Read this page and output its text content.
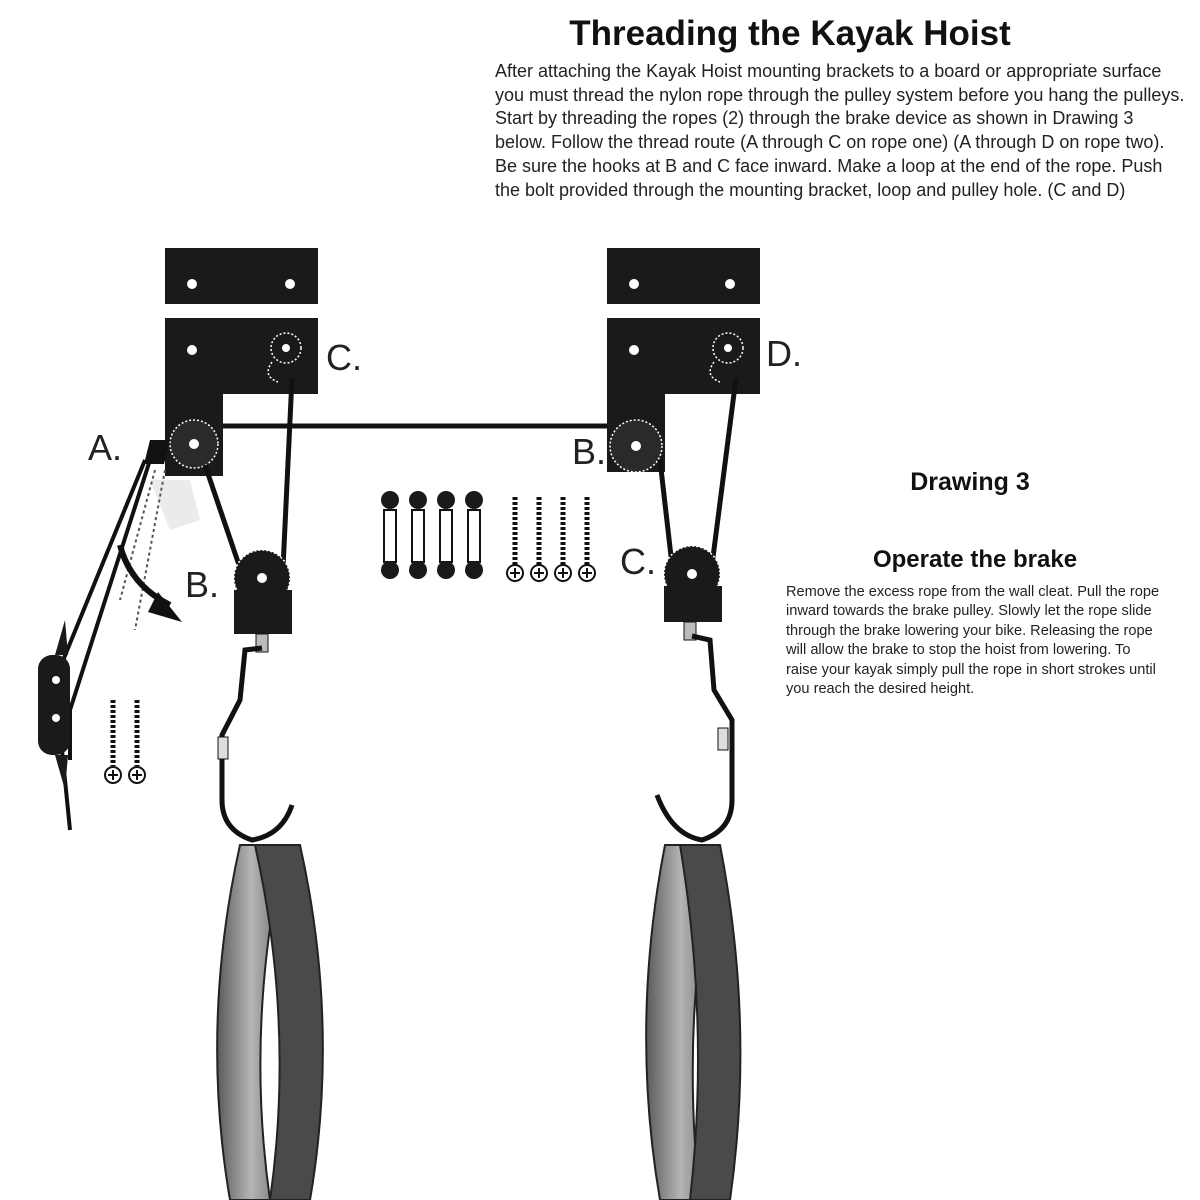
Threading the Kayak Hoist

After attaching the Kayak Hoist mounting brackets to a board or appropriate surface you must thread the nylon rope through the pulley system before you hang the pulleys. Start by threading the ropes (2) through the brake device as shown in Drawing 3 below. Follow the thread route (A through C on rope one) (A through D on rope two). Be sure the hooks at B and C face inward. Make a loop at the end of the rope. Push the bolt provided through the mounting bracket, loop and pulley hole. (C and D)

C.	D.
A.	B.
B.
C.
Drawing 3
Operate the brake

Remove the excess rope from the wall cleat. Pull the rope inward towards the brake pulley. Slowly let the rope slide through the brake lowering your bike. Releasing the rope will allow the brake to stop the hoist from lowering. To raise your kayak simply pull the rope in short strokes until you reach the desired height.
